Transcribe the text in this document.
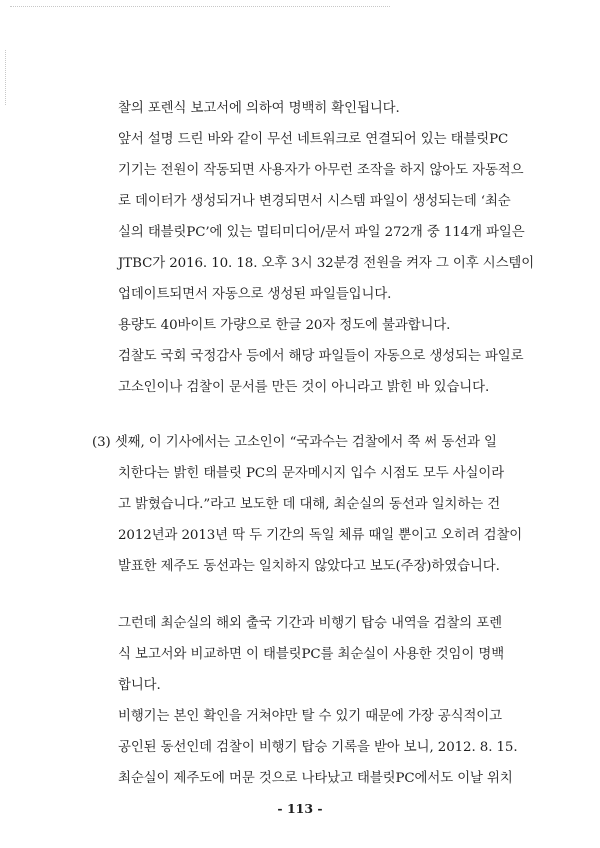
찰의 포렌식 보고서에 의하여 명백히 확인됩니다.

앞서 설명 드린 바와 같이 무선 네트워크로 연결되어 있는 태블릿PC

기기는 전원이 작동되면 사용자가 아무런 조작을 하지 않아도 자동적으

로 데이터가 생성되거나 변경되면서 시스템 파일이 생성되는데 ‘최순

실의 태블릿PC’에 있는 멀티미디어/문서 파일 272개 중 114개 파일은

JTBC가 2016. 10. 18. 오후 3시 32분경 전원을 켜자 그 이후 시스템이

업데이트되면서 자동으로 생성된 파일들입니다.

용량도 40바이트 가량으로 한글 20자 정도에 불과합니다.

검찰도 국회 국정감사 등에서 해당 파일들이 자동으로 생성되는 파일로

고소인이나 검찰이 문서를 만든 것이 아니라고 밝힌 바 있습니다.

(3) 셋째, 이 기사에서는 고소인이 “국과수는 검찰에서 쭉 써 동선과 일

치한다는 밝힌 태블릿 PC의 문자메시지 입수 시점도 모두 사실이라

고 밝혔습니다.”라고 보도한 데 대해, 최순실의 동선과 일치하는 건

2012년과 2013년 딱 두 기간의 독일 체류 때일 뿐이고 오히려 검찰이

발표한 제주도 동선과는 일치하지 않았다고 보도(주장)하였습니다.

그런데 최순실의 해외 출국 기간과 비행기 탑승 내역을 검찰의 포렌

식 보고서와 비교하면 이 태블릿PC를 최순실이 사용한 것임이 명백

합니다.

비행기는 본인 확인을 거쳐야만 탈 수 있기 때문에 가장 공식적이고

공인된 동선인데 검찰이 비행기 탑승 기록을 받아 보니, 2012. 8. 15.

최순실이 제주도에 머문 것으로 나타났고 태블릿PC에서도 이날 위치

- 113 -
